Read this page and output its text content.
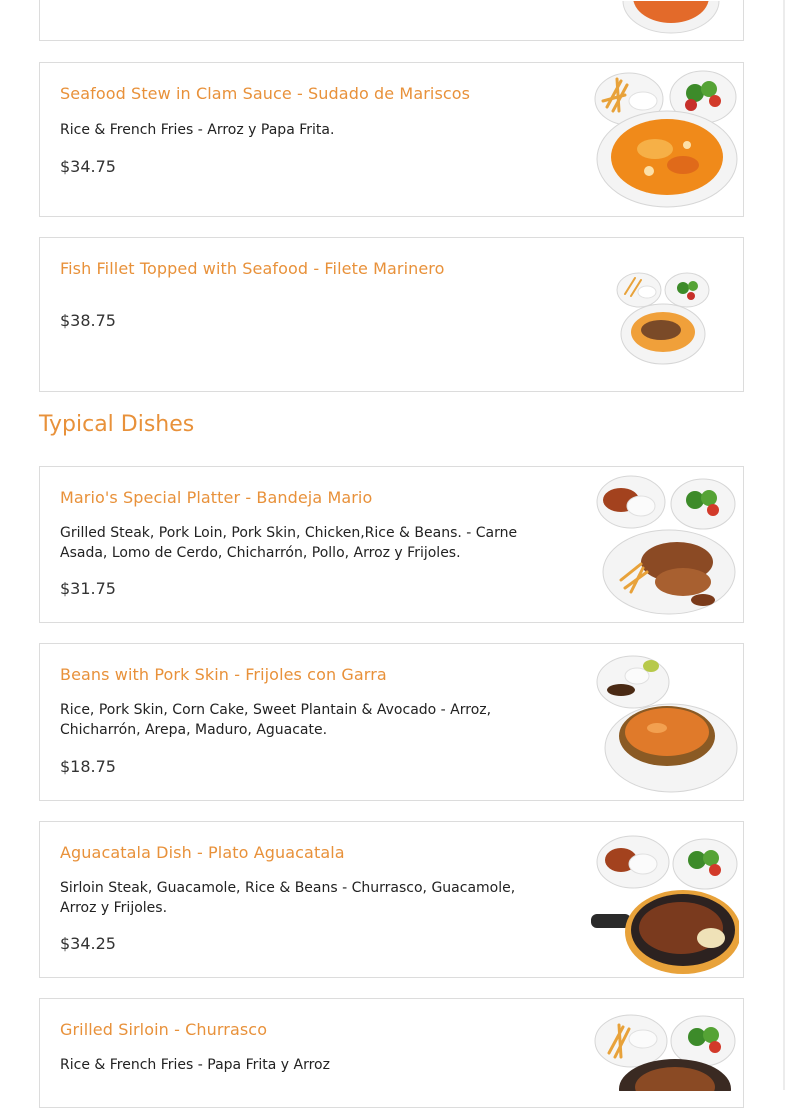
Seafood Stew in Clam Sauce - Sudado de Mariscos
Rice & French Fries - Arroz y Papa Frita.
$34.75
Fish Fillet Topped with Seafood - Filete Marinero
$38.75
Typical Dishes
Mario's Special Platter - Bandeja Mario
Grilled Steak, Pork Loin, Pork Skin, Chicken,Rice & Beans. - Carne Asada, Lomo de Cerdo, Chicharrón, Pollo, Arroz y Frijoles.
$31.75
Beans with Pork Skin - Frijoles con Garra
Rice, Pork Skin, Corn Cake, Sweet Plantain & Avocado - Arroz, Chicharrón, Arepa, Maduro, Aguacate.
$18.75
Aguacatala Dish - Plato Aguacatala
Sirloin Steak, Guacamole, Rice & Beans - Churrasco, Guacamole, Arroz y Frijoles.
$34.25
Grilled Sirloin - Churrasco
Rice & French Fries - Papa Frita y Arroz
